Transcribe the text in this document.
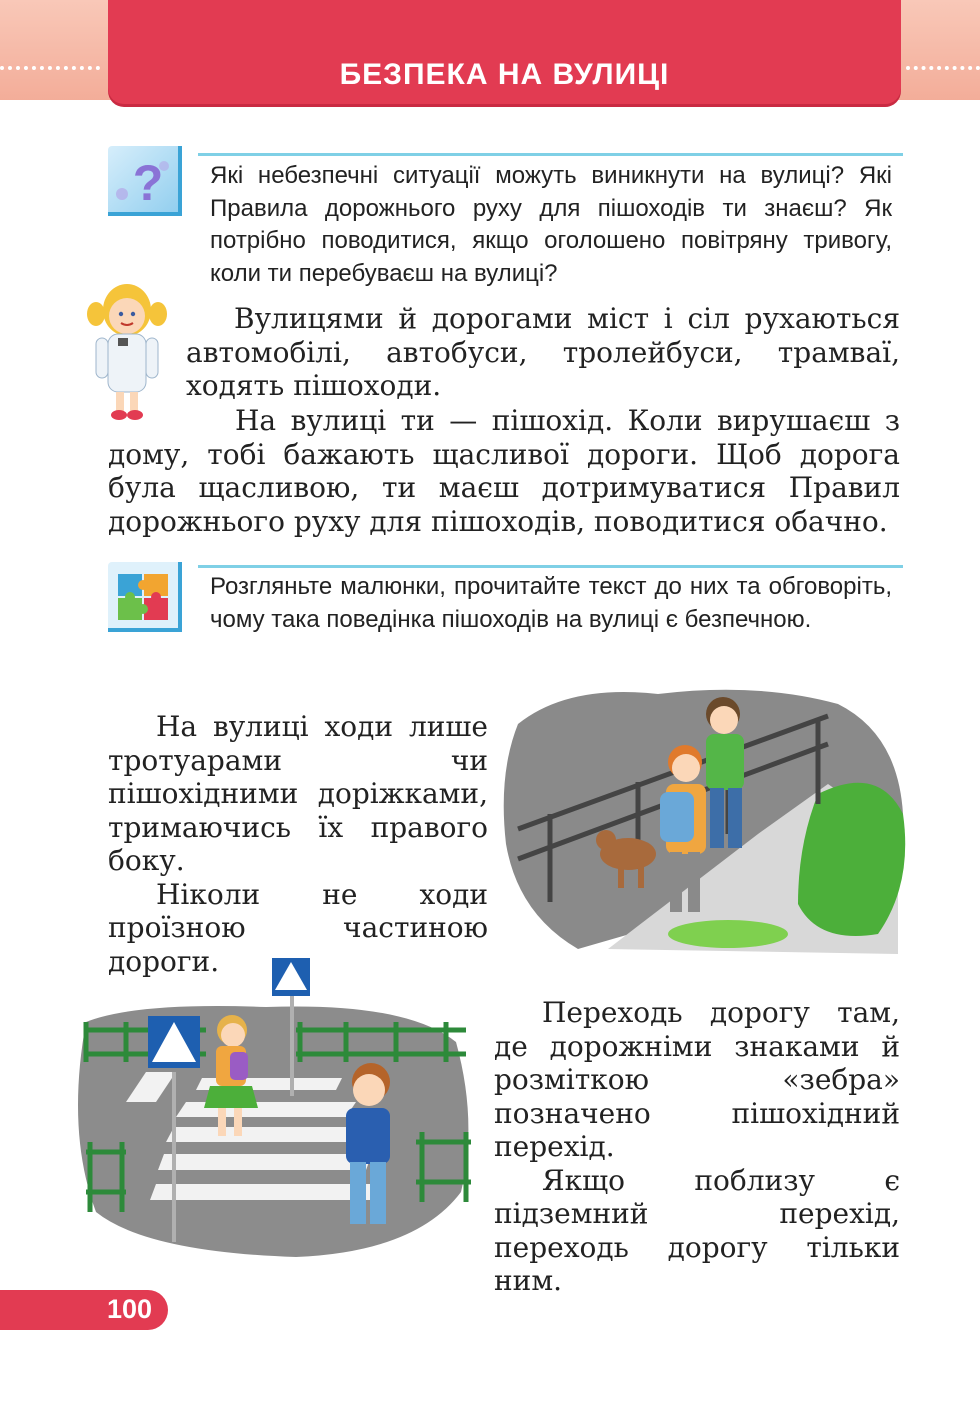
БЕЗПЕКА НА ВУЛИЦІ
? Які небезпечні ситуації можуть виникнути на вулиці? Які Правила дорожнього руху для пішоходів ти знаєш? Як потрібно поводитися, якщо оголошено повітряну тривогу, коли ти перебуваєш на вулиці?

Вулицями й дорогами міст і сіл рухаються автомобілі, автобуси, тролейбуси, трамваї, ходять пішоходи.

На вулиці ти — пішохід. Коли вирушаєш з дому, тобі бажають щасливої дороги. Щоб дорога була щасливою, ти маєш дотримуватися Правил дорожнього руху для пішоходів, поводитися обачно.

Розгляньте малюнки, прочитайте текст до них та обговоріть, чому така поведінка пішоходів на вулиці є безпечною.

На вулиці ходи лише тротуарами чи пішохідними доріжками, тримаючись їх правого боку.

Ніколи не ходи проїзною частиною дороги.

Переходь дорогу там, де дорожніми знаками й розміткою «зебра» позначено пішохідний перехід.

Якщо поблизу є підземний перехід, переходь дорогу тільки ним.

100
